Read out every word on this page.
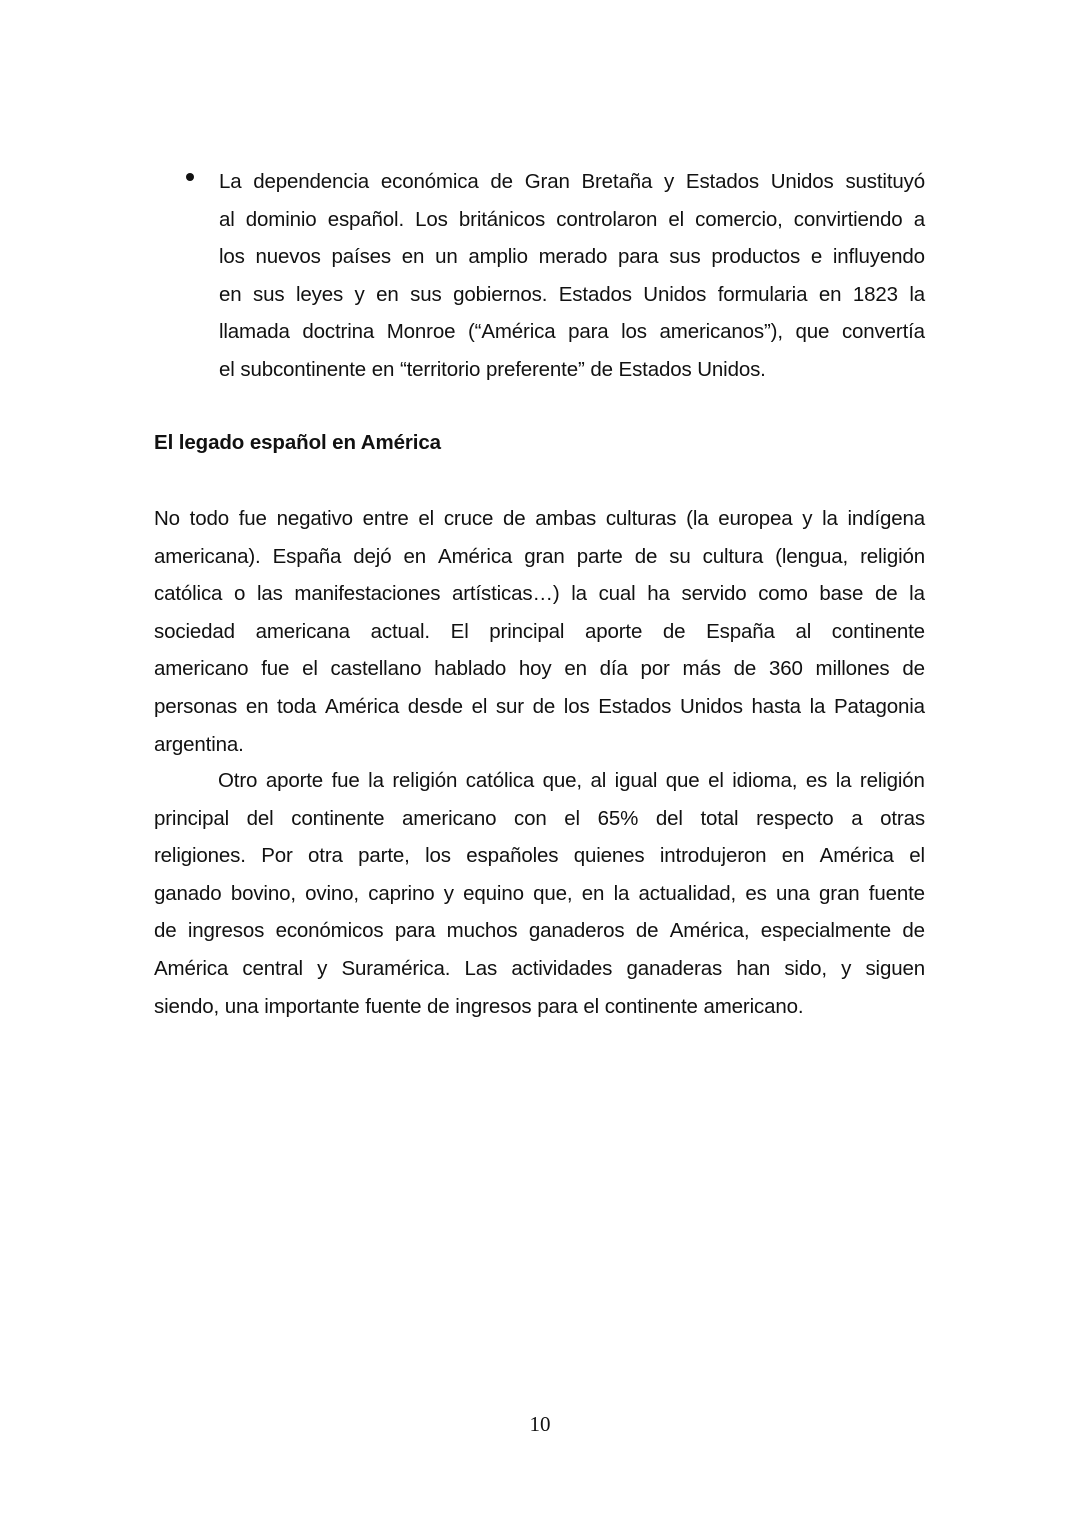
La dependencia económica de Gran Bretaña y Estados Unidos sustituyó
al dominio español. Los británicos controlaron el comercio, convirtiendo a
los nuevos países en un amplio merado para sus productos e influyendo
en sus leyes y en sus gobiernos. Estados Unidos formularia en 1823 la
llamada doctrina Monroe (“América para los americanos”), que convertía
el subcontinente en “territorio preferente” de Estados Unidos.
El legado español en América
No todo fue negativo entre el cruce de ambas culturas (la europea y la indígena
americana). España dejó en América gran parte de su cultura (lengua, religión
católica o las manifestaciones artísticas…) la cual ha servido como base de la
sociedad americana actual. El principal aporte de España al continente
americano fue el castellano hablado hoy en día por más de 360 millones de
personas en toda América desde el sur de los Estados Unidos hasta la Patagonia
argentina.
Otro aporte fue la religión católica que, al igual que el idioma, es la religión
principal del continente americano con el 65% del total respecto a otras
religiones. Por otra parte, los españoles quienes introdujeron en América el
ganado bovino, ovino, caprino y equino que, en la actualidad, es una gran fuente
de ingresos económicos para muchos ganaderos de América, especialmente de
América central y Suramérica. Las actividades ganaderas han sido, y siguen
siendo, una importante fuente de ingresos para el continente americano.
10
